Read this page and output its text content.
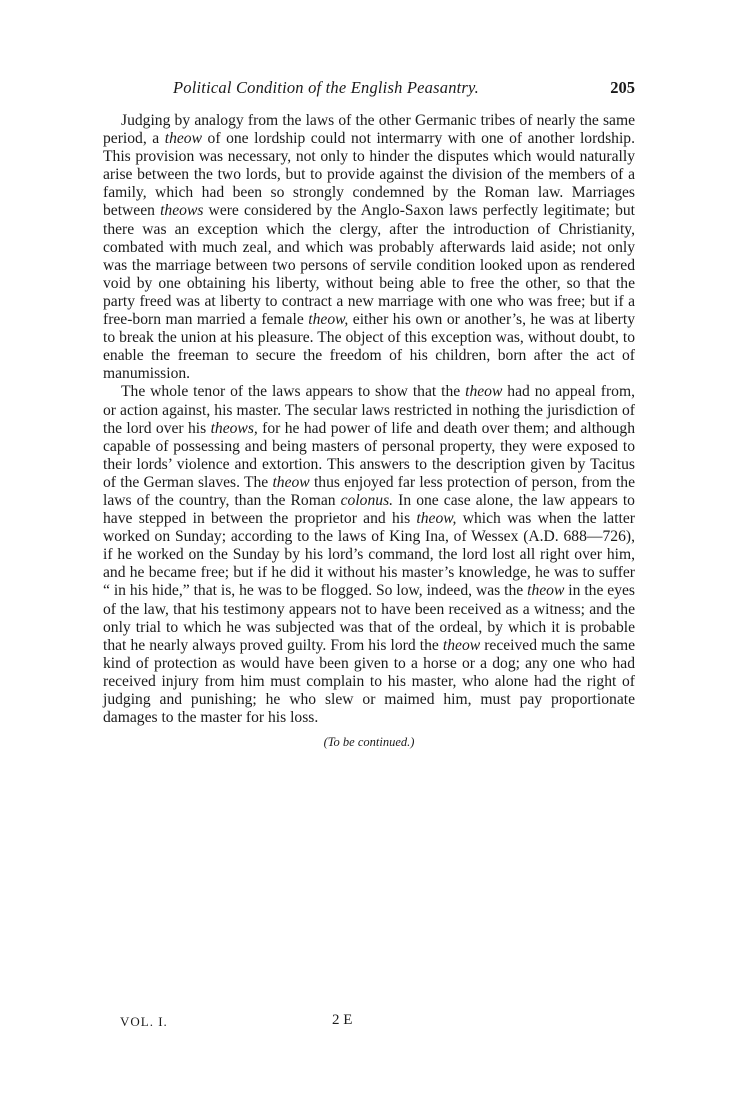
Political Condition of the English Peasantry.	205

Judging by analogy from the laws of the other Germanic tribes of nearly the same period, a theow of one lordship could not intermarry with one of another lordship. This provision was necessary, not only to hinder the disputes which would naturally arise between the two lords, but to provide against the division of the members of a family, which had been so strongly condemned by the Roman law. Marriages between theows were considered by the Anglo-Saxon laws perfectly legitimate; but there was an exception which the clergy, after the introduction of Christianity, combated with much zeal, and which was probably afterwards laid aside; not only was the marriage between two persons of servile condition looked upon as rendered void by one obtaining his liberty, without being able to free the other, so that the party freed was at liberty to contract a new marriage with one who was free; but if a free-born man married a female theow, either his own or another’s, he was at liberty to break the union at his pleasure. The object of this exception was, without doubt, to enable the freeman to secure the freedom of his children, born after the act of manumission.

The whole tenor of the laws appears to show that the theow had no appeal from, or action against, his master. The secular laws restricted in nothing the jurisdiction of the lord over his theows, for he had power of life and death over them; and although capable of possessing and being masters of personal property, they were exposed to their lords’ violence and extortion. This answers to the description given by Tacitus of the German slaves. The theow thus enjoyed far less protection of person, from the laws of the country, than the Roman colonus. In one case alone, the law appears to have stepped in between the proprietor and his theow, which was when the latter worked on Sunday; according to the laws of King Ina, of Wessex (A.D. 688—726), if he worked on the Sunday by his lord’s command, the lord lost all right over him, and he became free; but if he did it without his master’s knowledge, he was to suffer “ in his hide,” that is, he was to be flogged. So low, indeed, was the theow in the eyes of the law, that his testimony appears not to have been received as a witness; and the only trial to which he was subjected was that of the ordeal, by which it is probable that he nearly always proved guilty. From his lord the theow received much the same kind of protection as would have been given to a horse or a dog; any one who had received injury from him must complain to his master, who alone had the right of judging and punishing; he who slew or maimed him, must pay proportionate damages to the master for his loss.

(To be continued.)
VOL. I.	2 E
